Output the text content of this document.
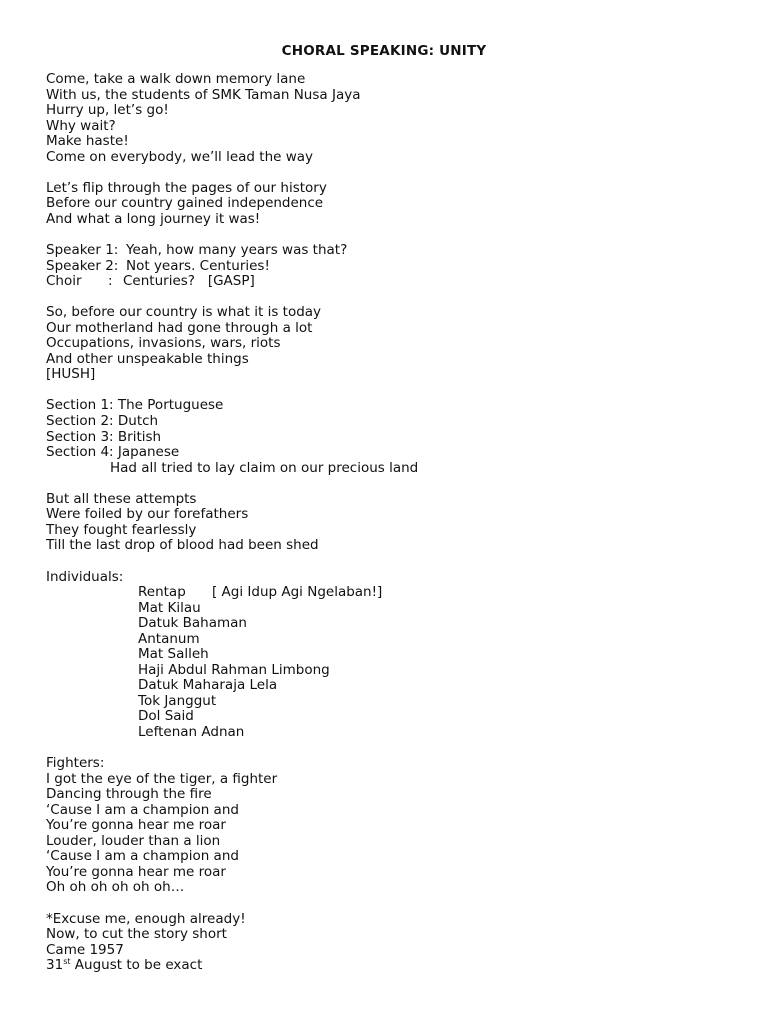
CHORAL SPEAKING: UNITY
Come, take a walk down memory lane
With us, the students of SMK Taman Nusa Jaya
Hurry up, let’s go!
Why wait?
Make haste!
Come on everybody, we’ll lead the way
Let’s flip through the pages of our history
Before our country gained independence
And what a long journey it was!
Speaker 1: Yeah, how many years was that?
Speaker 2: Not years. Centuries!
Choir : Centuries?   [GASP]
So, before our country is what it is today
Our motherland had gone through a lot
Occupations, invasions, wars, riots
And other unspeakable things
[HUSH]
Section 1: The Portuguese
Section 2: Dutch
Section 3: British
Section 4: Japanese
Had all tried to lay claim on our precious land
But all these attempts
Were foiled by our forefathers
They fought fearlessly
Till the last drop of blood had been shed
Individuals:
Rentap [ Agi Idup Agi Ngelaban!]
Mat Kilau
Datuk Bahaman
Antanum
Mat Salleh
Haji Abdul Rahman Limbong
Datuk Maharaja Lela
Tok Janggut
Dol Said
Leftenan Adnan
Fighters:
I got the eye of the tiger, a fighter
Dancing through the fire
‘Cause I am a champion and
You’re gonna hear me roar
Louder, louder than a lion
‘Cause I am a champion and
You’re gonna hear me roar
Oh oh oh oh oh oh…
*Excuse me, enough already!
Now, to cut the story short
Came 1957
31st August to be exact
